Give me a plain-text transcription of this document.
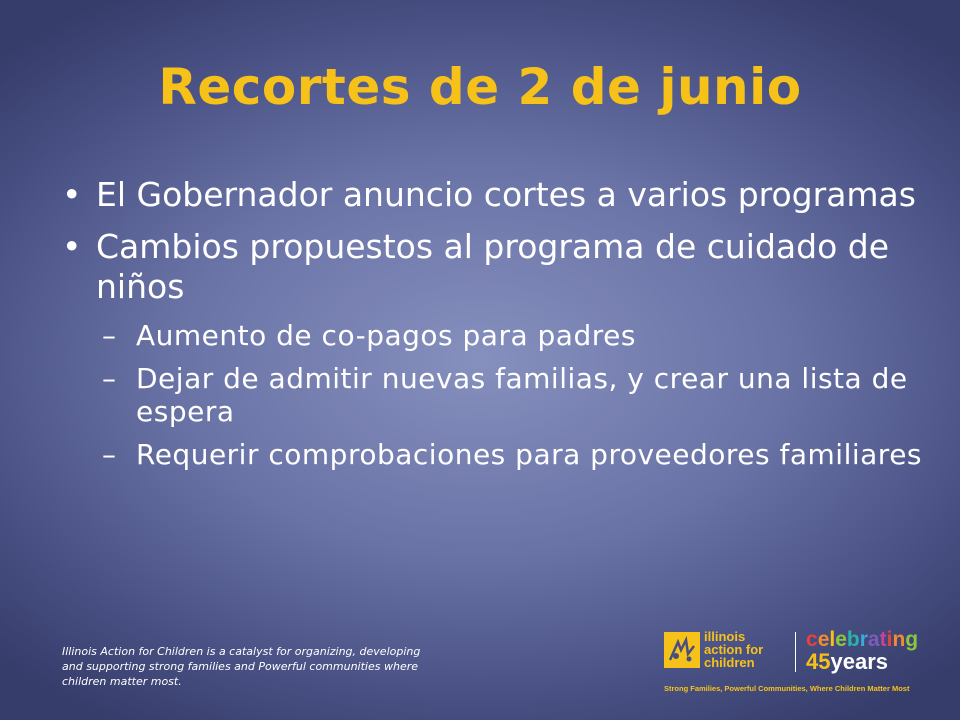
Recortes de 2 de junio
• El Gobernador anuncio cortes a varios programas
• Cambios propuestos al programa de cuidado de niños
– Aumento de co-pagos para padres
– Dejar de admitir nuevas familias, y crear una lista de espera
– Requerir comprobaciones para proveedores familiares
Illinois Action for Children is a catalyst for organizing, developing and supporting strong families and Powerful communities where children matter most.
illinois
action for
children
celebrating
45years
Strong Families, Powerful Communities, Where Children Matter Most
